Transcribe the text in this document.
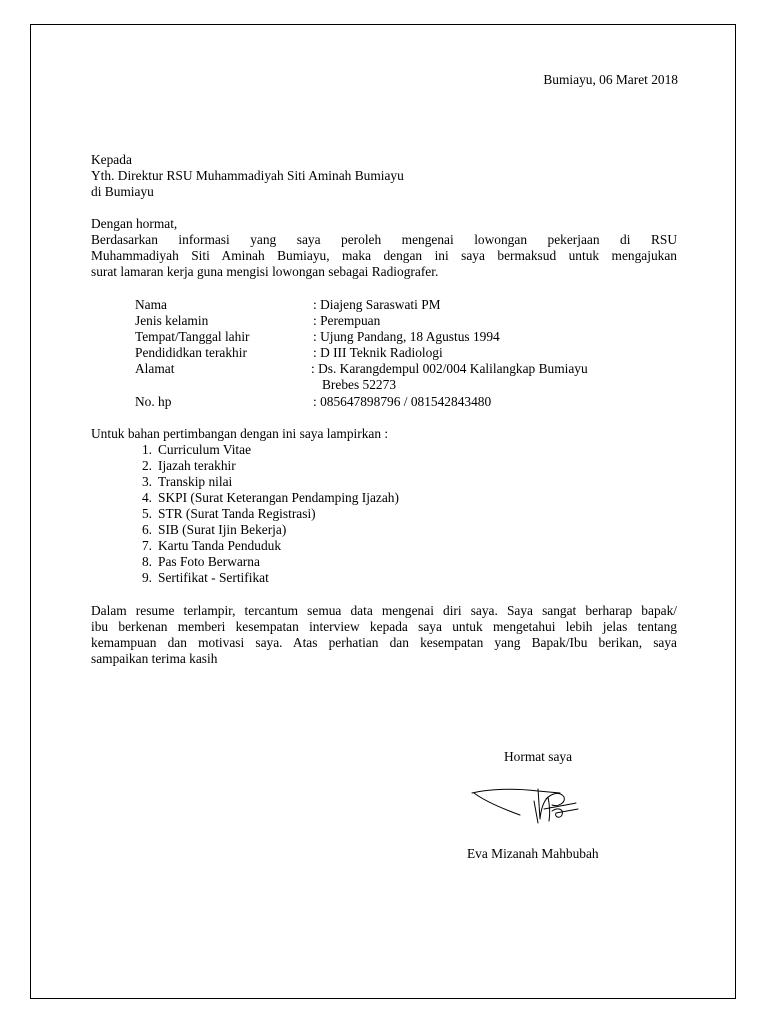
Bumiayu, 06 Maret 2018
Kepada
Yth. Direktur RSU Muhammadiyah Siti Aminah Bumiayu
di Bumiayu
Dengan hormat,
Berdasarkan informasi yang saya peroleh mengenai lowongan pekerjaan di RSU
Muhammadiyah Siti Aminah Bumiayu, maka dengan ini saya bermaksud untuk mengajukan
surat lamaran kerja guna mengisi lowongan sebagai Radiografer.
Nama	: Diajeng Saraswati PM
Jenis kelamin	: Perempuan
Tempat/Tanggal lahir	: Ujung Pandang, 18 Agustus 1994
Pendididkan terakhir	: D III Teknik Radiologi
Alamat	: Ds. Karangdempul 002/004 Kalilangkap Bumiayu
Brebes 52273
No. hp	: 085647898796 / 081542843480
Untuk bahan pertimbangan dengan ini saya lampirkan :
1. Curriculum Vitae
2. Ijazah terakhir
3. Transkip nilai
4. SKPI (Surat Keterangan Pendamping Ijazah)
5. STR (Surat Tanda Registrasi)
6. SIB (Surat Ijin Bekerja)
7. Kartu Tanda Penduduk
8. Pas Foto Berwarna
9. Sertifikat - Sertifikat
Dalam resume terlampir, tercantum semua data mengenai diri saya. Saya sangat berharap bapak/
ibu berkenan memberi kesempatan interview kepada saya untuk mengetahui lebih jelas tentang
kemampuan dan motivasi saya. Atas perhatian dan kesempatan yang Bapak/Ibu berikan, saya
sampaikan terima kasih
Hormat saya
Eva Mizanah Mahbubah
